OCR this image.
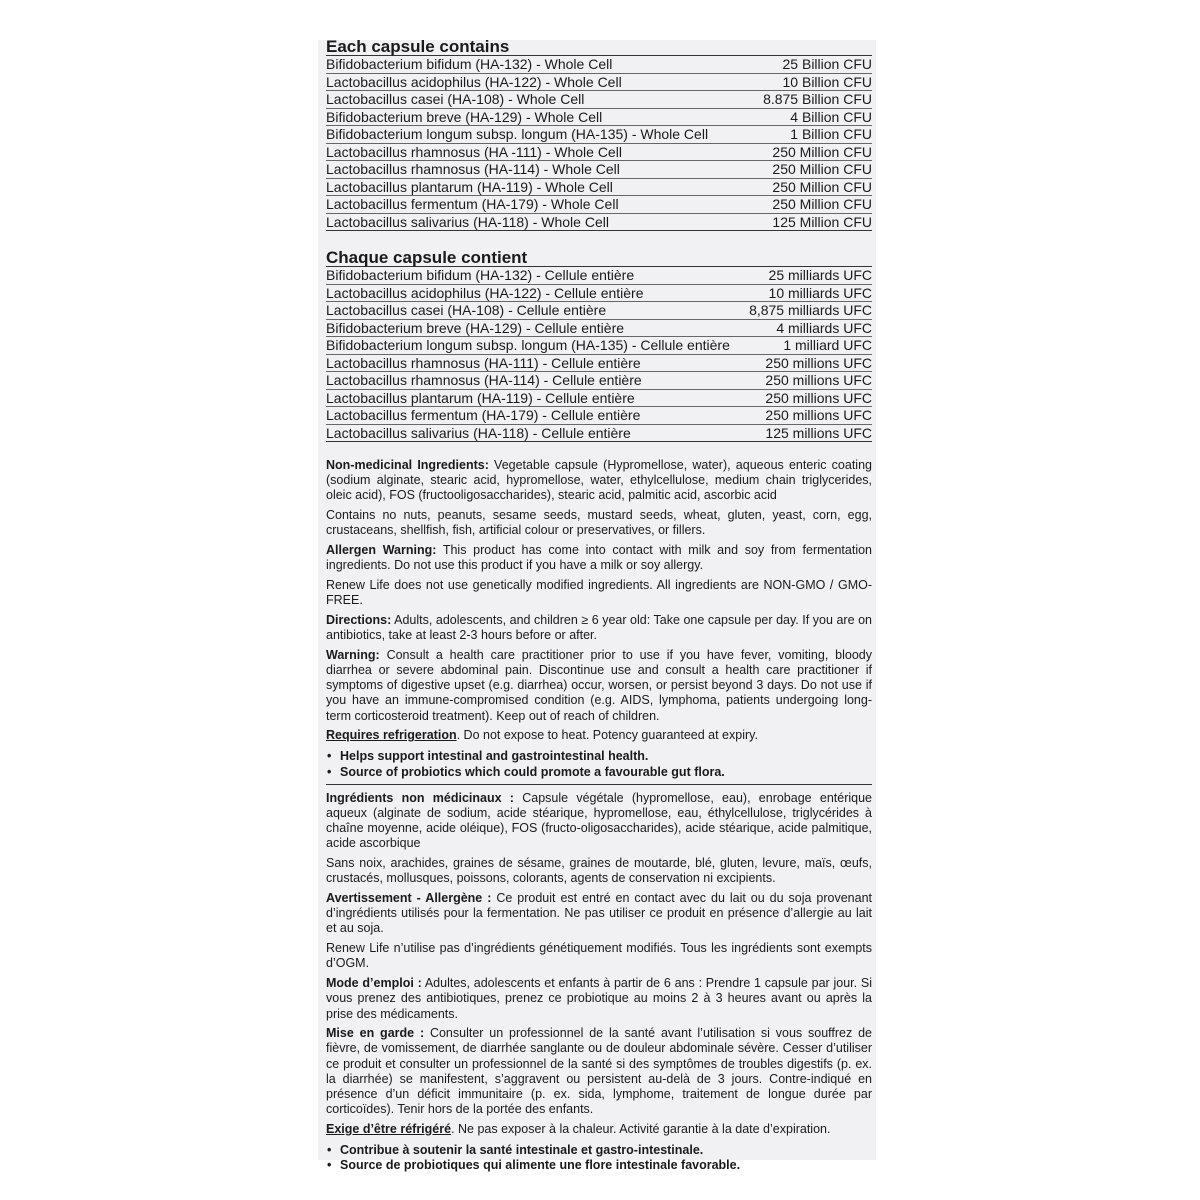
Each capsule contains
Bifidobacterium bifidum (HA-132) - Whole Cell	25 Billion CFU
Lactobacillus acidophilus (HA-122) - Whole Cell	10 Billion CFU
Lactobacillus casei (HA-108) - Whole Cell	8.875 Billion CFU
Bifidobacterium breve (HA-129) - Whole Cell	4 Billion CFU
Bifidobacterium longum subsp. longum (HA-135) - Whole Cell	1 Billion CFU
Lactobacillus rhamnosus (HA -111) - Whole Cell	250 Million CFU
Lactobacillus rhamnosus (HA-114) - Whole Cell	250 Million CFU
Lactobacillus plantarum (HA-119) - Whole Cell	250 Million CFU
Lactobacillus fermentum (HA-179) - Whole Cell	250 Million CFU
Lactobacillus salivarius (HA-118) - Whole Cell	125 Million CFU
Chaque capsule contient
Bifidobacterium bifidum (HA-132) - Cellule entière	25 milliards UFC
Lactobacillus acidophilus (HA-122) - Cellule entière	10 milliards UFC
Lactobacillus casei (HA-108) - Cellule entière	8,875 milliards UFC
Bifidobacterium breve (HA-129) - Cellule entière	4 milliards UFC
Bifidobacterium longum subsp. longum (HA-135) - Cellule entière	1 milliard UFC
Lactobacillus rhamnosus (HA-111) - Cellule entière	250 millions UFC
Lactobacillus rhamnosus (HA-114) - Cellule entière	250 millions UFC
Lactobacillus plantarum (HA-119) - Cellule entière	250 millions UFC
Lactobacillus fermentum (HA-179) - Cellule entière	250 millions UFC
Lactobacillus salivarius (HA-118) - Cellule entière	125 millions UFC

Non-medicinal Ingredients: Vegetable capsule (Hypromellose, water), aqueous enteric coating (sodium alginate, stearic acid, hypromellose, water, ethylcellulose, medium chain triglycerides, oleic acid), FOS (fructooligosaccharides), stearic acid, palmitic acid, ascorbic acid

Contains no nuts, peanuts, sesame seeds, mustard seeds, wheat, gluten, yeast, corn, egg, crustaceans, shellfish, fish, artificial colour or preservatives, or fillers.

Allergen Warning: This product has come into contact with milk and soy from fermentation ingredients. Do not use this product if you have a milk or soy allergy.

Renew Life does not use genetically modified ingredients. All ingredients are NON-GMO / GMO-FREE.

Directions: Adults, adolescents, and children ≥ 6 year old: Take one capsule per day. If you are on antibiotics, take at least 2-3 hours before or after.

Warning: Consult a health care practitioner prior to use if you have fever, vomiting, bloody diarrhea or severe abdominal pain. Discontinue use and consult a health care practitioner if symptoms of digestive upset (e.g. diarrhea) occur, worsen, or persist beyond 3 days. Do not use if you have an immune-compromised condition (e.g. AIDS, lymphoma, patients undergoing long-term corticosteroid treatment). Keep out of reach of children.

Requires refrigeration. Do not expose to heat. Potency guaranteed at expiry.

• Helps support intestinal and gastrointestinal health.
• Source of probiotics which could promote a favourable gut flora.

Ingrédients non médicinaux : Capsule végétale (hypromellose, eau), enrobage entérique aqueux (alginate de sodium, acide stéarique, hypromellose, eau, éthylcellulose, triglycérides à chaîne moyenne, acide oléique), FOS (fructo-oligosaccharides), acide stéarique, acide palmitique, acide ascorbique

Sans noix, arachides, graines de sésame, graines de moutarde, blé, gluten, levure, maïs, œufs, crustacés, mollusques, poissons, colorants, agents de conservation ni excipients.

Avertissement - Allergène : Ce produit est entré en contact avec du lait ou du soja provenant d’ingrédients utilisés pour la fermentation. Ne pas utiliser ce produit en présence d’allergie au lait et au soja.

Renew Life n’utilise pas d’ingrédients génétiquement modifiés. Tous les ingrédients sont exempts d’OGM.

Mode d’emploi : Adultes, adolescents et enfants à partir de 6 ans : Prendre 1 capsule par jour. Si vous prenez des antibiotiques, prenez ce probiotique au moins 2 à 3 heures avant ou après la prise des médicaments.

Mise en garde : Consulter un professionnel de la santé avant l’utilisation si vous souffrez de fièvre, de vomissement, de diarrhée sanglante ou de douleur abdominale sévère. Cesser d’utiliser ce produit et consulter un professionnel de la santé si des symptômes de troubles digestifs (p. ex. la diarrhée) se manifestent, s’aggravent ou persistent au-delà de 3 jours. Contre-indiqué en présence d’un déficit immunitaire (p. ex. sida, lymphome, traitement de longue durée par corticoïdes). Tenir hors de la portée des enfants.

Exige d’être réfrigéré. Ne pas exposer à la chaleur. Activité garantie à la date d’expiration.

• Contribue à soutenir la santé intestinale et gastro-intestinale.
• Source de probiotiques qui alimente une flore intestinale favorable.
